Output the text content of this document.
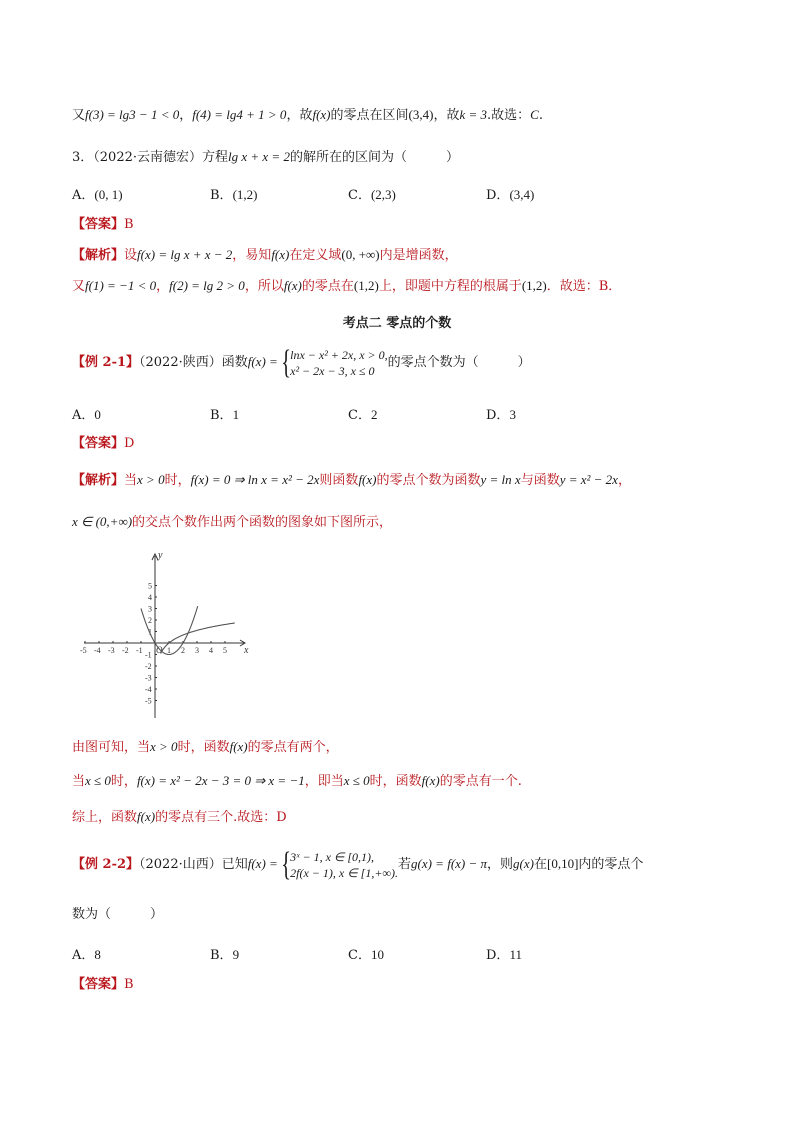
又f(3) = lg3 − 1 < 0，f(4) = lg4 + 1 > 0，故f(x)的零点在区间(3,4)，故k = 3.故选：C.
3．（2022·云南德宏）方程lg x + x = 2的解所在的区间为（　　　）
A．(0, 1)	B．(1,2)	C．(2,3)	D．(3,4)
【答案】B
【解析】设f(x) = lg x + x − 2，易知f(x)在定义域(0, +∞)内是增函数，
又f(1) = −1 < 0，f(2) = lg 2 > 0，所以f(x)的零点在(1,2)上，即题中方程的根属于(1,2)．故选：B．
考点二 零点的个数
【例 2-1】（2022·陕西）函数f(x) ={lnx − x² + 2x, x > 0,
x² − 2x − 3, x ≤ 0的零点个数为（　　　）
A．0	B．1	C．2	D．3
【答案】D
【解析】当x > 0时，f(x) = 0 ⇒ ln x = x² − 2x则函数f(x)的零点个数为函数y = ln x与函数y = x² − 2x，
x ∈ (0,+∞)的交点个数作出两个函数的图象如下图所示，
-5 -4 -3 -2 -1	1 2 3 4 5
5
4
3
2
1
-1
-2
-3
-4
-5
y
x
O
由图可知，当x > 0时，函数f(x)的零点有两个，
当x ≤ 0时，f(x) = x² − 2x − 3 = 0 ⇒ x = −1，即当x ≤ 0时，函数f(x)的零点有一个.
综上，函数f(x)的零点有三个.故选：D
【例 2-2】（2022·山西）已知f(x) ={3ˣ − 1, x ∈ [0,1),
2f(x − 1), x ∈ [1,+∞).若g(x) = f(x) − π，则g(x)在[0,10]内的零点个
数为（　　　）
A．8	B．9	C．10	D．11
【答案】B
